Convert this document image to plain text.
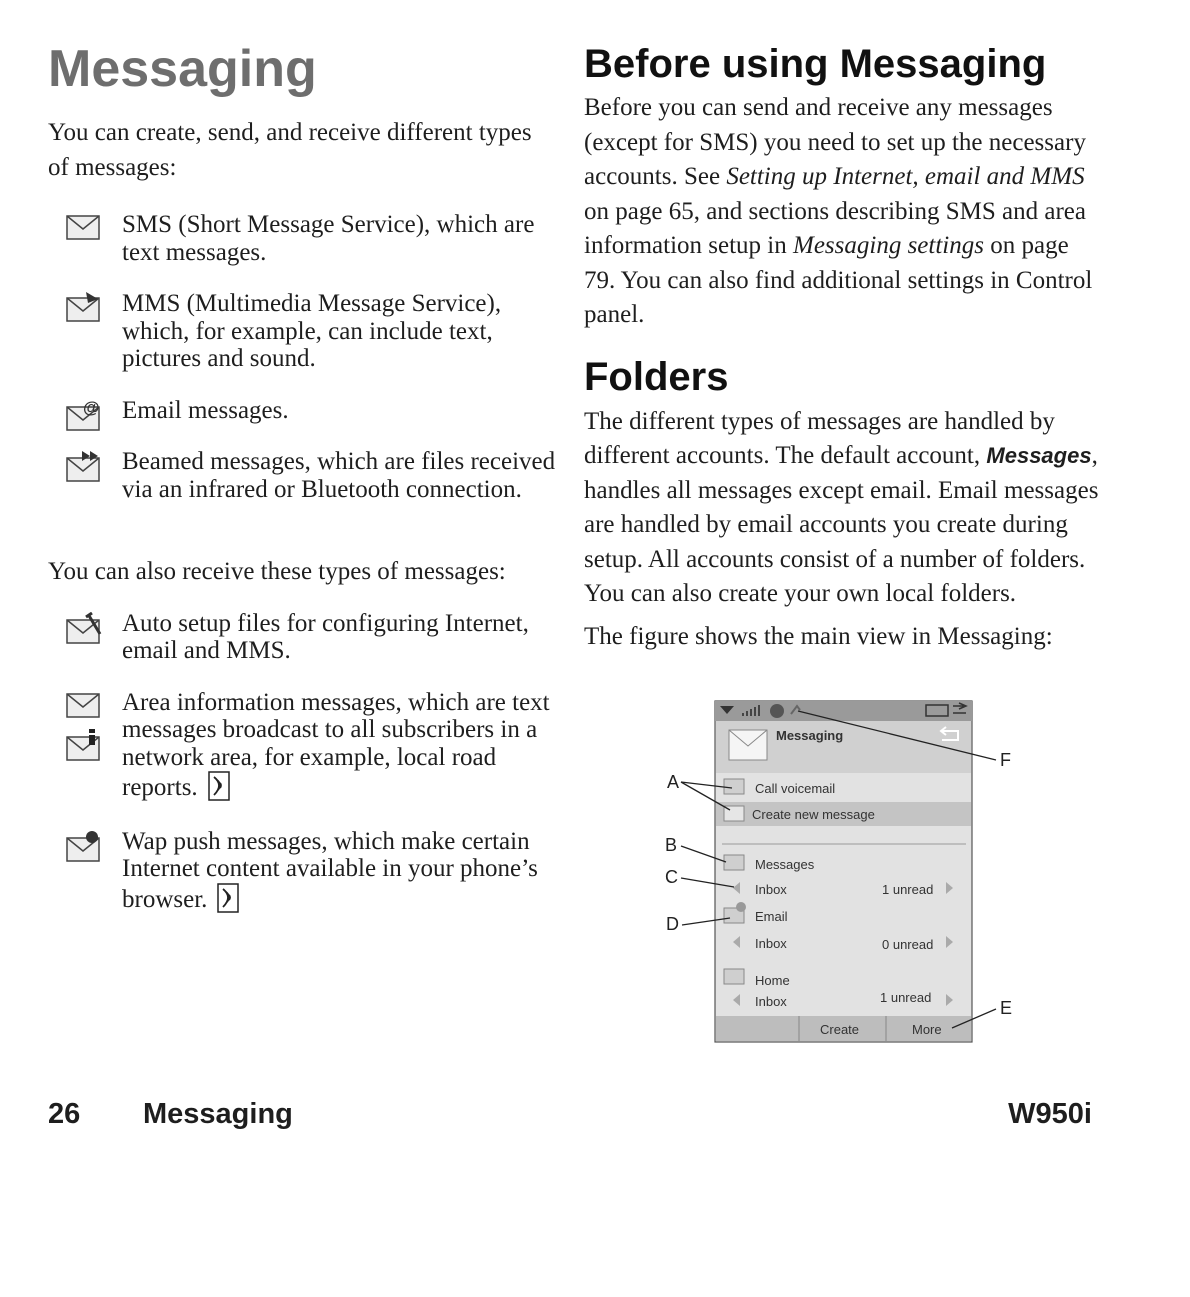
Messaging

You can create, send, and receive different types of messages:

SMS (Short Message Service), which are text messages.
MMS (Multimedia Message Service), which, for example, can include text, pictures and sound.
@ Email messages.
Beamed messages, which are files received via an infrared or Bluetooth connection.

You can also receive these types of messages:

Auto setup files for configuring Internet, email and MMS.
Area information messages, which are text messages broadcast to all subscribers in a network area, for example, local road reports.
Wap push messages, which make certain Internet content available in your phone’s browser.
Before using Messaging

Before you can send and receive any messages (except for SMS) you need to set up the necessary accounts. See Setting up Internet, email and MMS on page 65, and sections describing SMS and area information setup in Messaging settings on page 79. You can also find additional settings in Control panel.

Folders

The different types of messages are handled by different accounts. The default account, Messages, handles all messages except email. Email messages are handled by email accounts you create during setup. All accounts consist of a number of folders. You can also create your own local folders.

The figure shows the main view in Messaging:

Messaging
Call voicemail
Create new message
Messages
Inbox	1 unread
Email
Inbox	0 unread
Home
Inbox	1 unread
Create	More
A
B
C
D
E
F
26 Messaging	W950i
